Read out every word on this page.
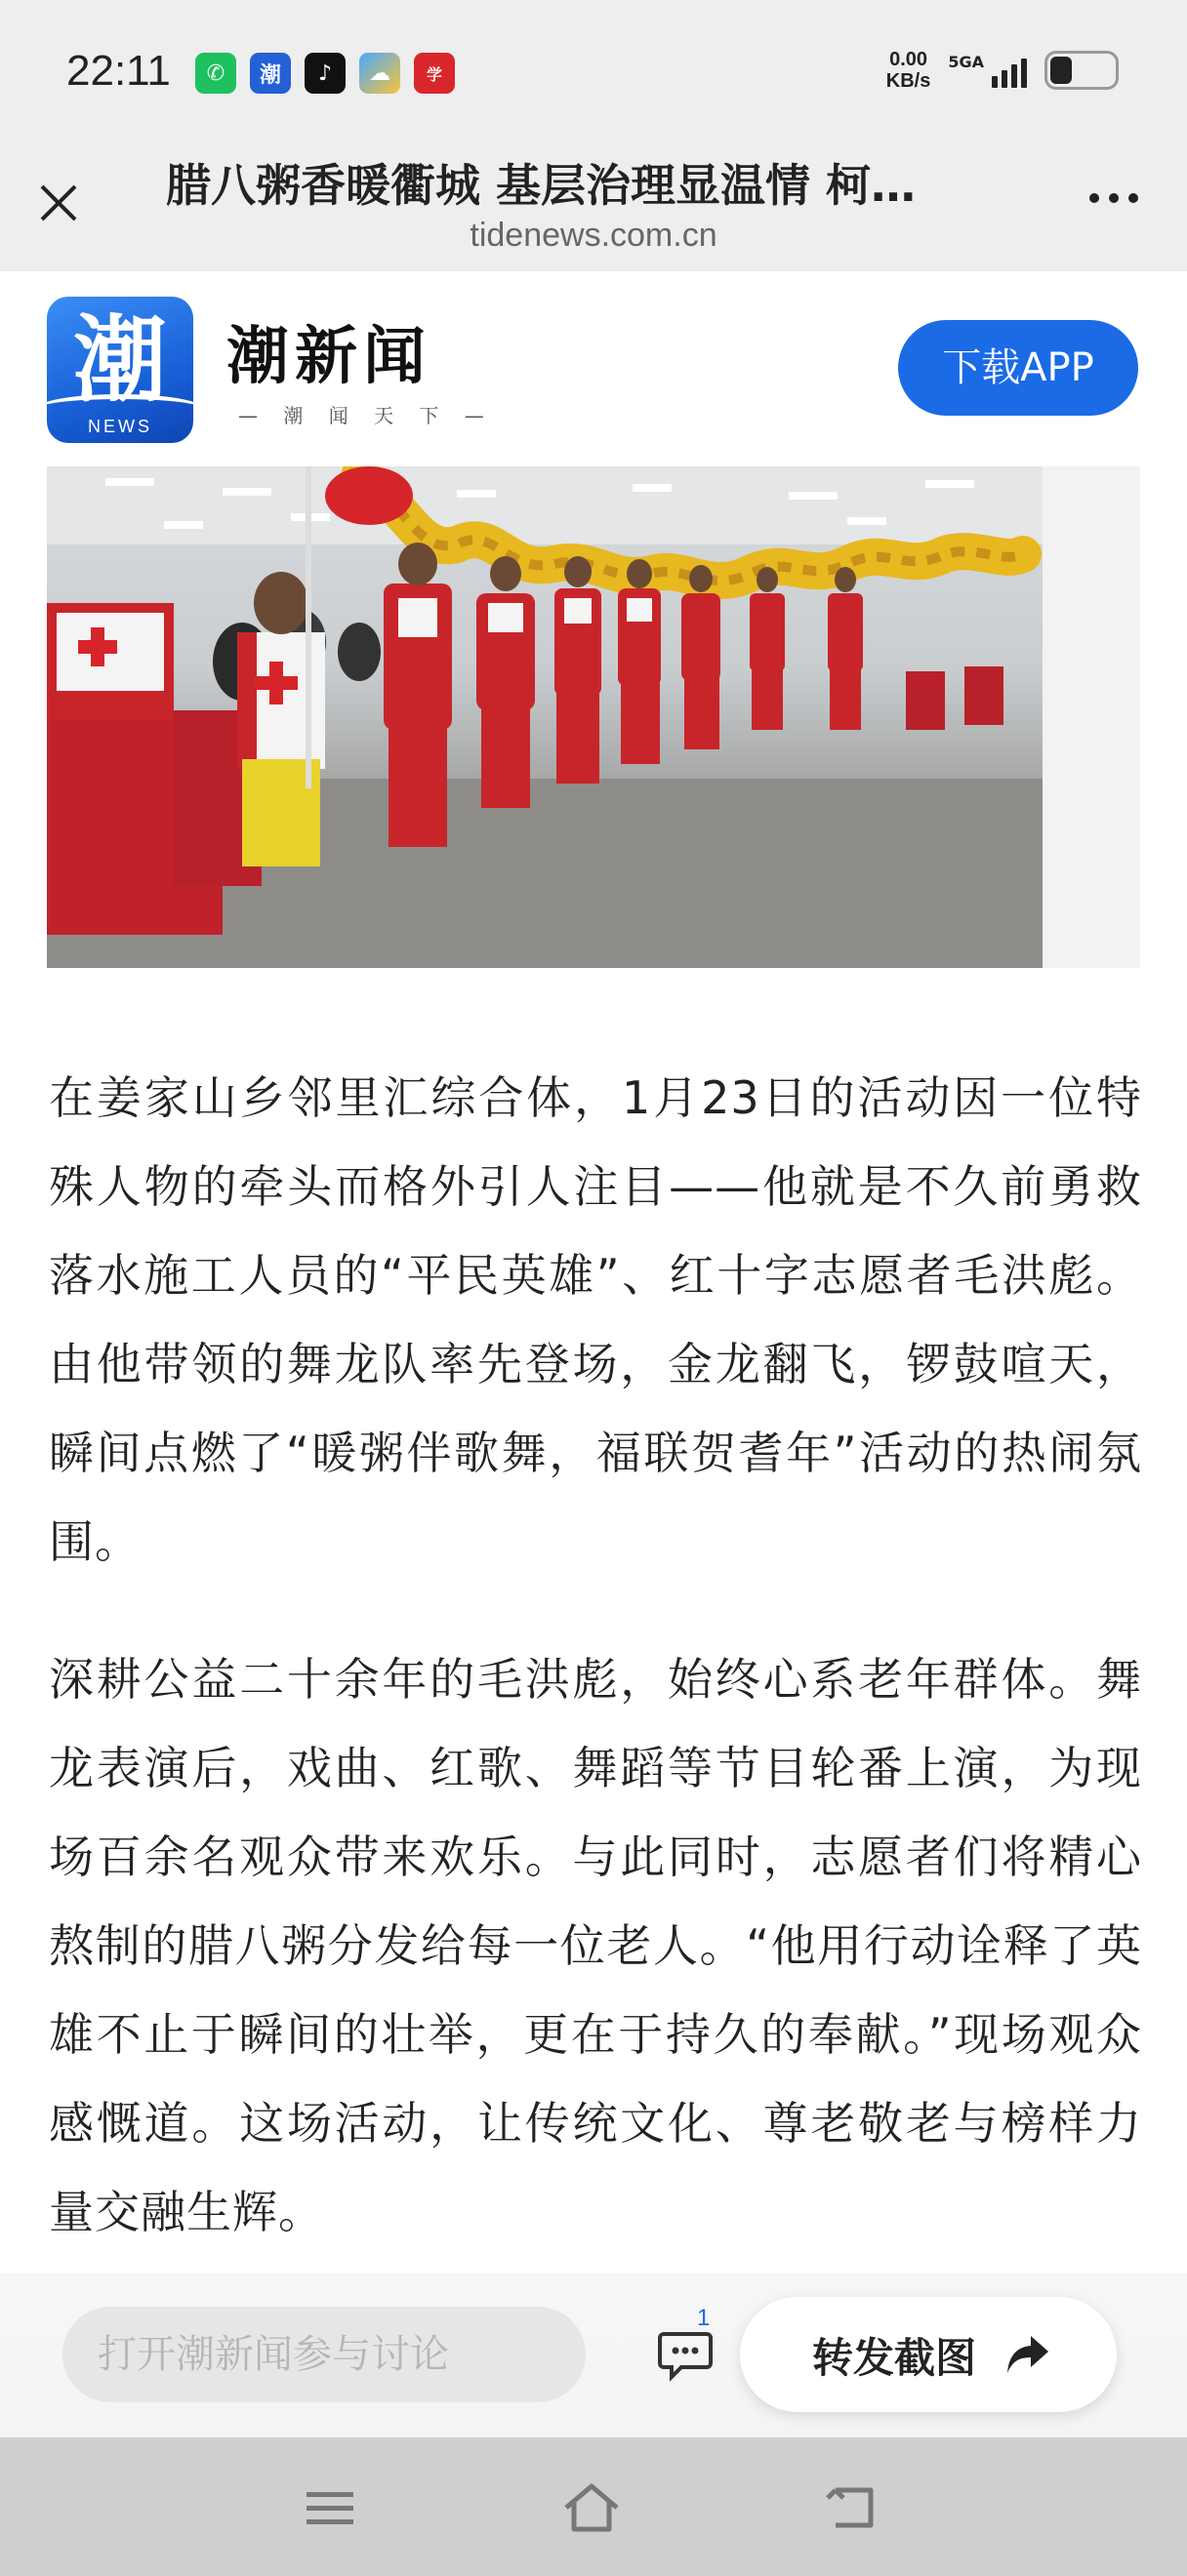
22:11	✆	潮	♪	☁	学
0.00
KB/s
5GA
腊八粥香暖衢城 基层治理显温情 柯…
tidenews.com.cn
潮
NEWS
潮新闻
— 潮 闻 天 下 —
下载APP

在姜家山乡邻里汇综合体，1月23日的活动因一位特殊人物的牵头而格外引人注目——他就是不久前勇救落水施工人员的“平民英雄”、红十字志愿者毛洪彪。由他带领的舞龙队率先登场，金龙翻飞，锣鼓喧天，瞬间点燃了“暖粥伴歌舞，福联贺耆年”活动的热闹氛围。

深耕公益二十余年的毛洪彪，始终心系老年群体。舞龙表演后，戏曲、红歌、舞蹈等节目轮番上演，为现场百余名观众带来欢乐。与此同时，志愿者们将精心熬制的腊八粥分发给每一位老人。“他用行动诠释了英雄不止于瞬间的壮举，更在于持久的奉献。”现场观众感慨道。这场活动，让传统文化、尊老敬老与榜样力量交融生辉。

打开潮新闻参与讨论
1
转发截图
